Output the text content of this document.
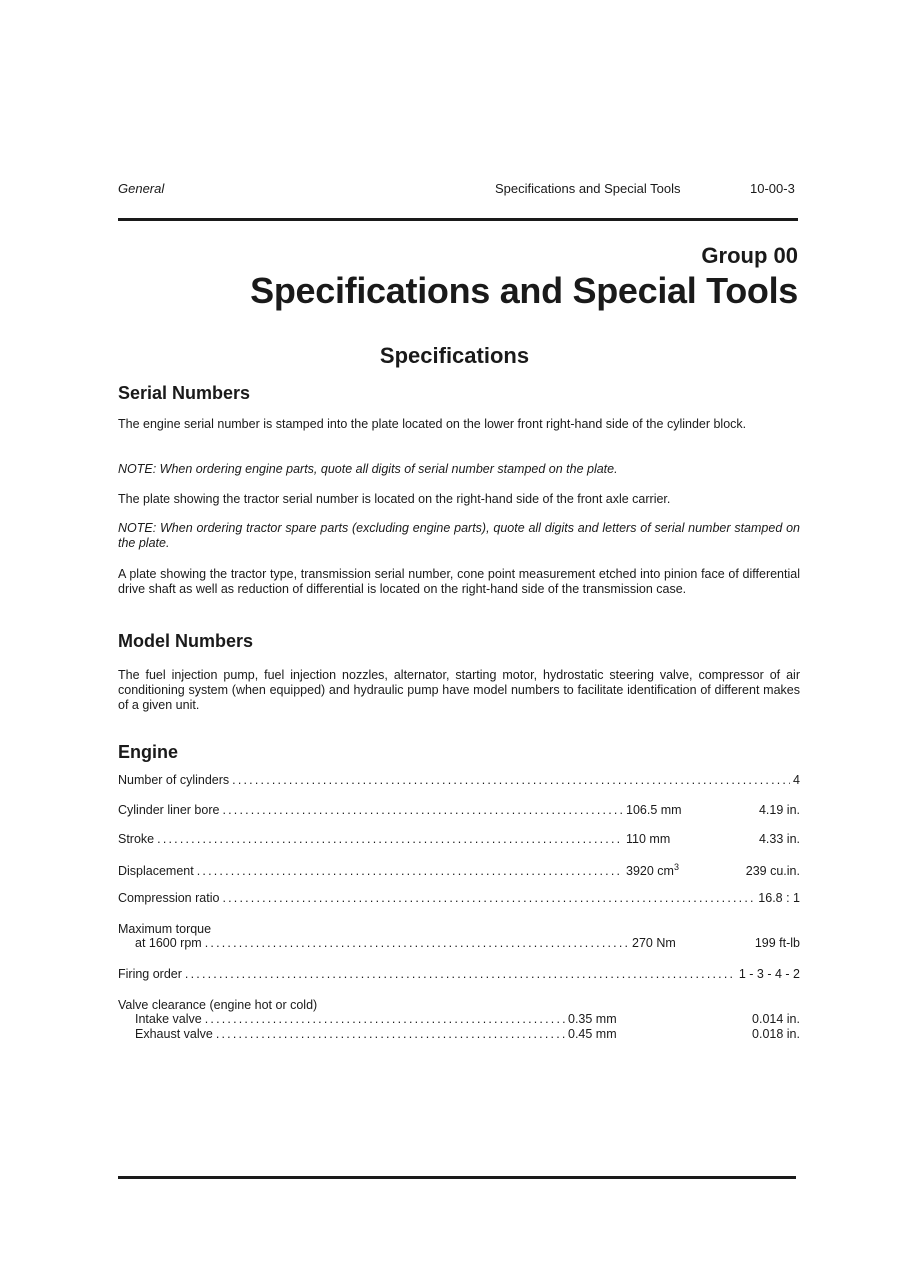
General	Specifications and Special Tools	10-00-3
Group 00
Specifications and Special Tools
Specifications
Serial Numbers
The engine serial number is stamped into the plate located on the lower front right-hand side of the cylinder block.
NOTE: When ordering engine parts, quote all digits of serial number stamped on the plate.
The plate showing the tractor serial number is located on the right-hand side of the front axle carrier.
NOTE: When ordering tractor spare parts (excluding engine parts), quote all digits and letters of serial number stamped on the plate.
A plate showing the tractor type, transmission serial number, cone point measurement etched into pinion face of differential drive shaft as well as reduction of differential is located on the right-hand side of the transmission case.
Model Numbers
The fuel injection pump, fuel injection nozzles, alternator, starting motor, hydrostatic steering valve, compressor of air conditioning system (when equipped) and hydraulic pump have model numbers to facilitate identification of different makes of a given unit.
Engine
Number of cylinders .....	4
Cylinder liner bore .....	106.5 mm	4.19 in.
Stroke .....	110 mm	4.33 in.
Displacement .....	3920 $cm^3$	239 cu.in.
Compression ratio .....	16.8 : 1
Maximum torque
at 1600 rpm .....	270 Nm	199 ft-lb
Firing order .....	1 - 3 - 4 - 2
Valve clearance (engine hot or cold)
Intake valve .....	0.35 mm	0.014 in.
Exhaust valve .....	0.45 mm	0.018 in.
